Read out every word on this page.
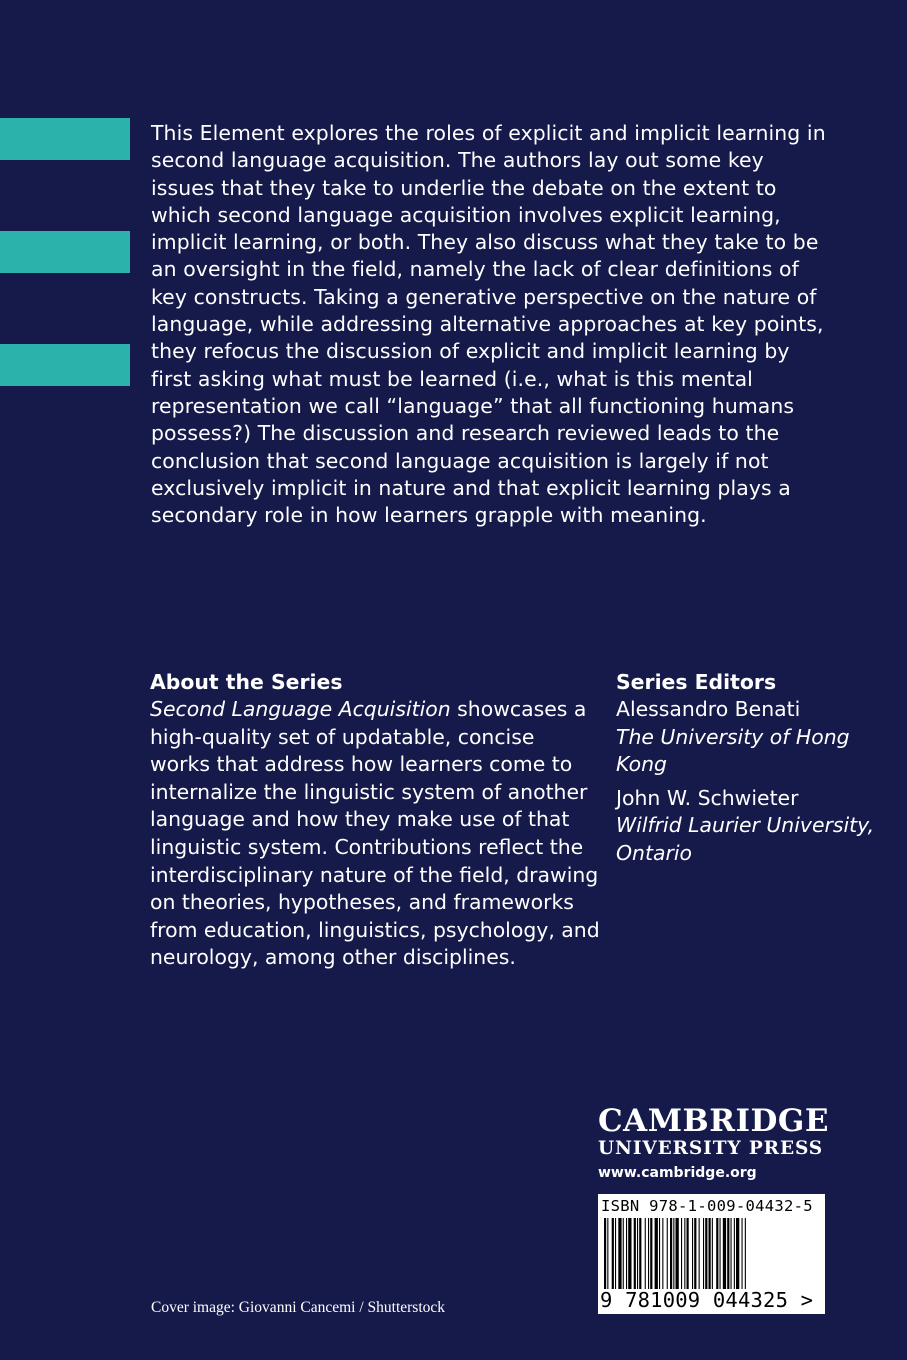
This Element explores the roles of explicit and implicit learning in second language acquisition. The authors lay out some key issues that they take to underlie the debate on the extent to which second language acquisition involves explicit learning, implicit learning, or both. They also discuss what they take to be an oversight in the field, namely the lack of clear definitions of key constructs. Taking a generative perspective on the nature of language, while addressing alternative approaches at key points, they refocus the discussion of explicit and implicit learning by first asking what must be learned (i.e., what is this mental representation we call “language” that all functioning humans possess?) The discussion and research reviewed leads to the conclusion that second language acquisition is largely if not exclusively implicit in nature and that explicit learning plays a secondary role in how learners grapple with meaning.

About the Series

Second Language Acquisition showcases a high-quality set of updatable, concise works that address how learners come to internalize the linguistic system of another language and how they make use of that linguistic system. Contributions reflect the interdisciplinary nature of the field, drawing on theories, hypotheses, and frameworks from education, linguistics, psychology, and neurology, among other disciplines.

Series Editors
Alessandro Benati
The University of Hong Kong
John W. Schwieter
Wilfrid Laurier University, Ontario
CAMBRIDGE
UNIVERSITY PRESS
www.cambridge.org
ISBN 978-1-009-04432-5
9 781009 044325 >
Cover image: Giovanni Cancemi / Shutterstock
